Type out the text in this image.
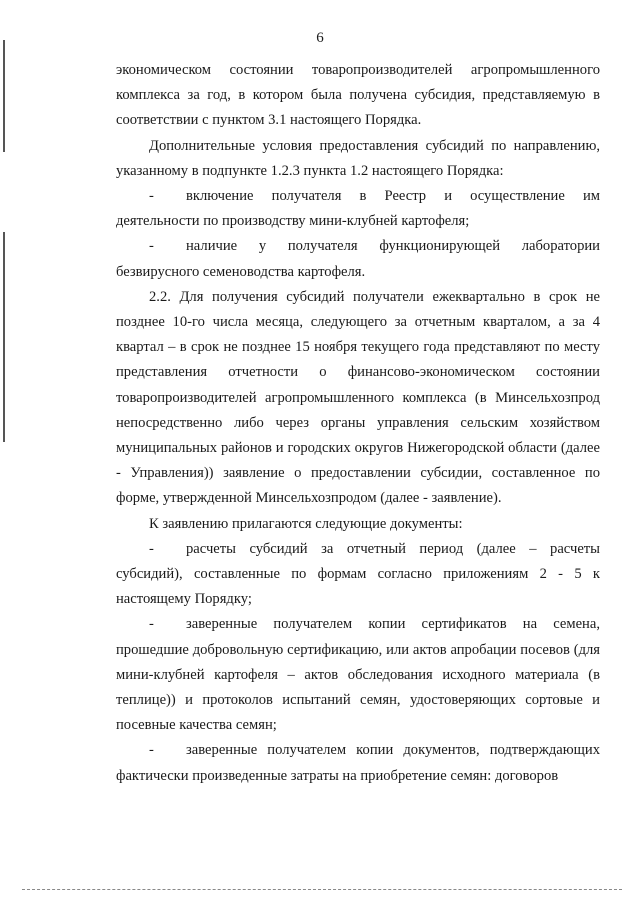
6

экономическом состоянии товаропроизводителей агропромышленного комплекса за год, в котором была получена субсидия, представляемую в соответствии с пунктом 3.1 настоящего Порядка.

Дополнительные условия предоставления субсидий по направлению, указанному в подпункте 1.2.3 пункта 1.2 настоящего Порядка:

- включение получателя в Реестр и осуществление им деятельности по производству мини-клубней картофеля;

- наличие у получателя функционирующей лаборатории безвирусного семеноводства картофеля.

2.2. Для получения субсидий получатели ежеквартально в срок не позднее 10-го числа месяца, следующего за отчетным кварталом, а за 4 квартал – в срок не позднее 15 ноября текущего года представляют по месту представления отчетности о финансово-экономическом состоянии товаропроизводителей агропромышленного комплекса (в Минсельхозпрод непосредственно либо через органы управления сельским хозяйством муниципальных районов и городских округов Нижегородской области (далее - Управления)) заявление о предоставлении субсидии, составленное по форме, утвержденной Минсельхозпродом (далее - заявление).

К заявлению прилагаются следующие документы:

- расчеты субсидий за отчетный период (далее – расчеты субсидий), составленные по формам согласно приложениям 2 - 5 к настоящему Порядку;

- заверенные получателем копии сертификатов на семена, прошедшие добровольную сертификацию, или актов апробации посевов (для мини-клубней картофеля – актов обследования исходного материала (в теплице)) и протоколов испытаний семян, удостоверяющих сортовые и посевные качества семян;

- заверенные получателем копии документов, подтверждающих фактически произведенные затраты на приобретение семян: договоров
